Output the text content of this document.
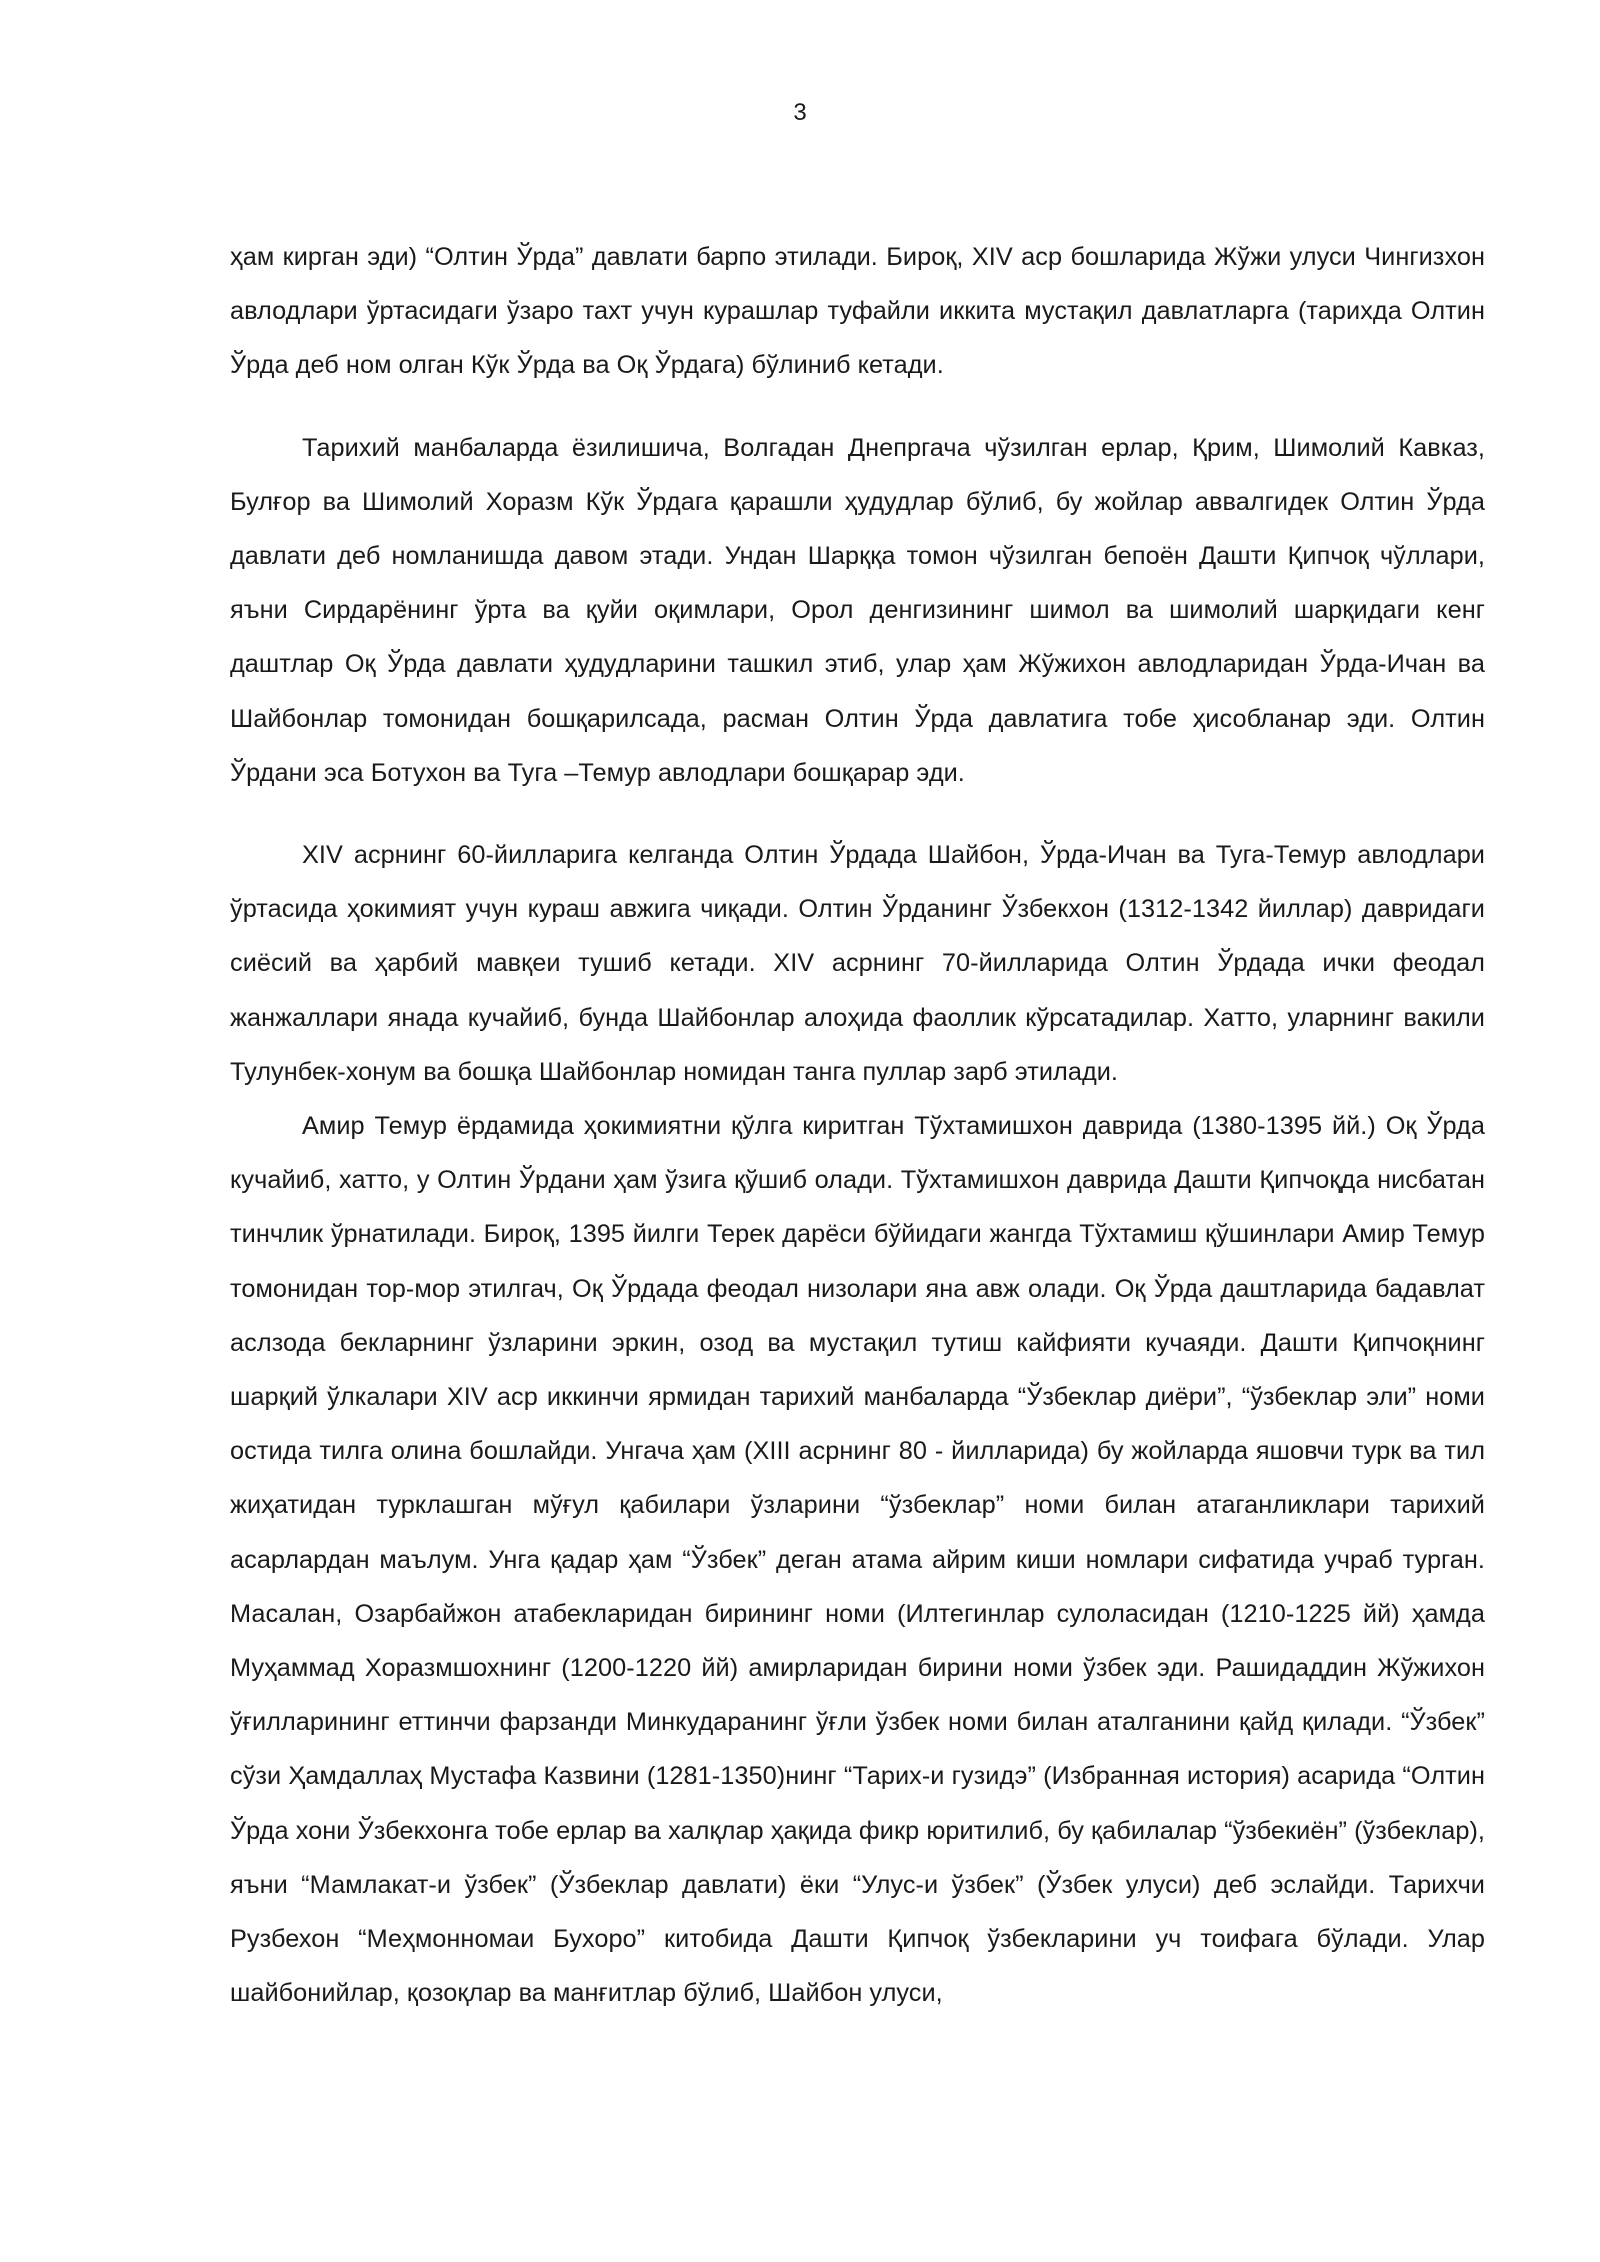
3

ҳам кирган эди) “Олтин Ўрда” давлати барпо этилади. Бироқ, XIV аср бошларида Жўжи улуси Чингизхон авлодлари ўртасидаги ўзаро тахт учун курашлар туфайли иккита мустақил давлатларга (тарихда Олтин Ўрда деб ном олган Кўк Ўрда ва Оқ Ўрдага) бўлиниб кетади.

Тарихий манбаларда ёзилишича, Волгадан Днепргача чўзилган ерлар, Қрим, Шимолий Кавказ, Булғор ва Шимолий Хоразм Кўк Ўрдага қарашли ҳудудлар бўлиб, бу жойлар аввалгидек Олтин Ўрда давлати деб номланишда давом этади. Ундан Шарққа томон чўзилган бепоён Дашти Қипчоқ чўллари, яъни Сирдарёнинг ўрта ва қуйи оқимлари, Орол денгизининг шимол ва шимолий шарқидаги кенг даштлар Оқ Ўрда давлати ҳудудларини ташкил этиб, улар ҳам Жўжихон авлодларидан Ўрда-Ичан ва Шайбонлар томонидан бошқарилсада, расман Олтин Ўрда давлатига тобе ҳисобланар эди. Олтин Ўрдани эса Ботухон ва Туга –Темур авлодлари бошқарар эди.

XIV асрнинг 60-йилларига келганда Олтин Ўрдада Шайбон, Ўрда-Ичан ва Туга-Темур авлодлари ўртасида ҳокимият учун кураш авжига чиқади. Олтин Ўрданинг Ўзбекхон (1312-1342 йиллар) давридаги сиёсий ва ҳарбий мавқеи тушиб кетади. XIV асрнинг 70-йилларида Олтин Ўрдада ички феодал жанжаллари янада кучайиб, бунда Шайбонлар алоҳида фаоллик кўрсатадилар. Хатто, уларнинг вакили Тулунбек-хонум ва бошқа Шайбонлар номидан танга пуллар зарб этилади.

Амир Темур ёрдамида ҳокимиятни қўлга киритган Тўхтамишхон даврида (1380-1395 йй.) Оқ Ўрда кучайиб, хатто, у Олтин Ўрдани ҳам ўзига қўшиб олади. Тўхтамишхон даврида Дашти Қипчоқда нисбатан тинчлик ўрнатилади. Бироқ, 1395 йилги Терек дарёси бўйидаги жангда Тўхтамиш қўшинлари Амир Темур томонидан тор-мор этилгач, Оқ Ўрдада феодал низолари яна авж олади. Оқ Ўрда даштларида бадавлат аслзода бекларнинг ўзларини эркин, озод ва мустақил тутиш кайфияти кучаяди. Дашти Қипчоқнинг шарқий ўлкалари XIV аср иккинчи ярмидан тарихий манбаларда “Ўзбеклар диёри”, “ўзбеклар эли” номи остида тилга олина бошлайди. Унгача ҳам (XIII асрнинг 80 - йилларида) бу жойларда яшовчи турк ва тил жиҳатидан турклашган мўғул қабилари ўзларини “ўзбеклар” номи билан атаганликлари тарихий асарлардан маълум. Унга қадар ҳам “Ўзбек” деган атама айрим киши номлари сифатида учраб турган. Масалан, Озарбайжон атабекларидан бирининг номи (Илтегинлар сулоласидан (1210-1225 йй) ҳамда Муҳаммад Хоразмшохнинг (1200-1220 йй) амирларидан бирини номи ўзбек эди. Рашидаддин Жўжихон ўғилларининг еттинчи фарзанди Минкударанинг ўғли ўзбек номи билан аталганини қайд қилади. “Ўзбек” сўзи Ҳамдаллаҳ Мустафа Казвини (1281-1350)нинг “Тарих-и гузидэ” (Избранная история) асарида “Олтин Ўрда хони Ўзбекхонга тобе ерлар ва халқлар ҳақида фикр юритилиб, бу қабилалар “ўзбекиён” (ўзбеклар), яъни “Мамлакат-и ўзбек” (Ўзбеклар давлати) ёки “Улус-и ўзбек” (Ўзбек улуси) деб эслайди. Тарихчи Рузбехон “Меҳмонномаи Бухоро” китобида Дашти Қипчоқ ўзбекларини уч тоифага бўлади. Улар шайбонийлар, қозоқлар ва манғитлар бўлиб, Шайбон улуси,
